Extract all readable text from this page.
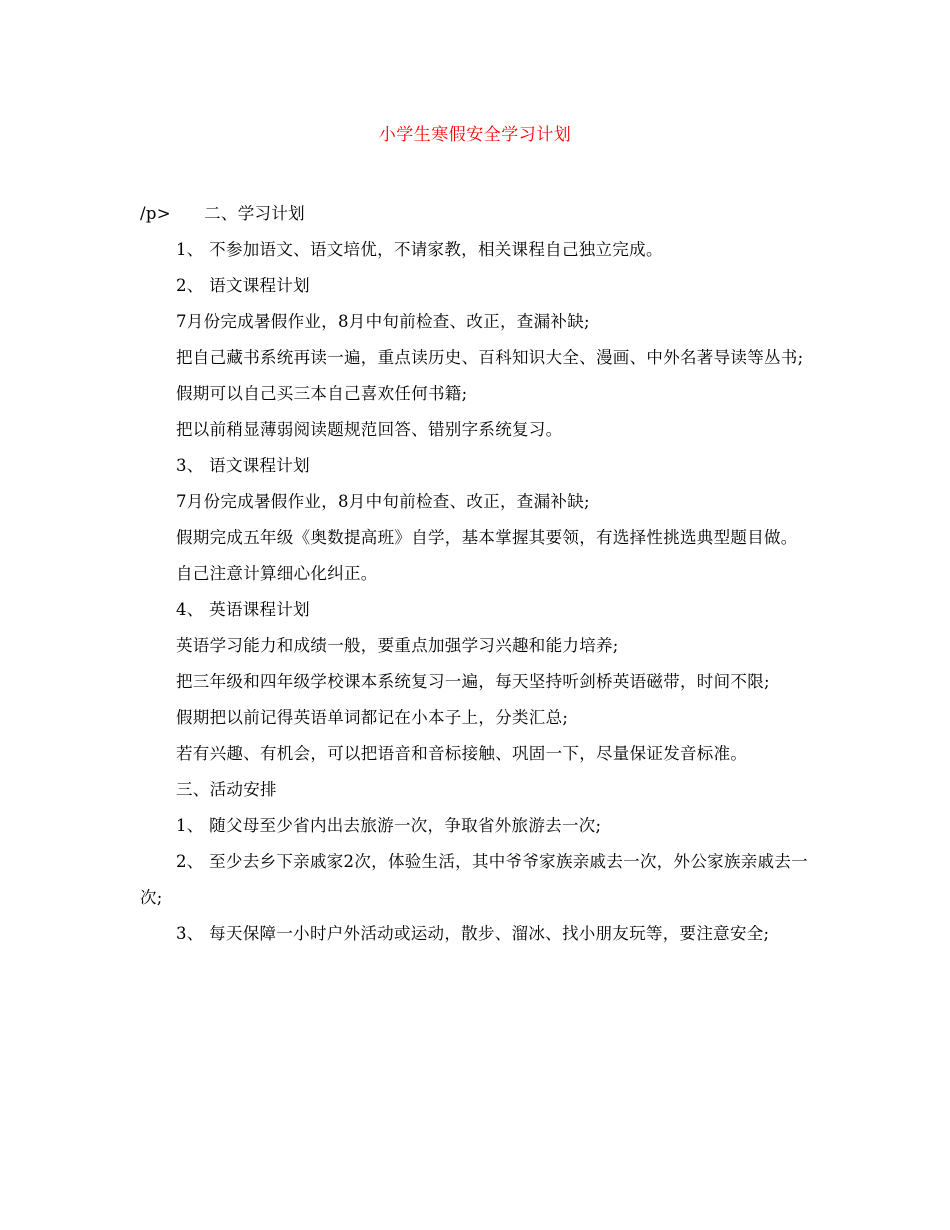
小学生寒假安全学习计划

/p>      二、学习计划

1、 不参加语文、语文培优，不请家教，相关课程自己独立完成。

2、 语文课程计划

7月份完成暑假作业，8月中旬前检查、改正，查漏补缺;

把自己藏书系统再读一遍，重点读历史、百科知识大全、漫画、中外名著导读等丛书;

假期可以自己买三本自己喜欢任何书籍;

把以前稍显薄弱阅读题规范回答、错别字系统复习。

3、 语文课程计划

7月份完成暑假作业，8月中旬前检查、改正，查漏补缺;

假期完成五年级《奥数提高班》自学，基本掌握其要领，有选择性挑选典型题目做。

自己注意计算细心化纠正。

4、 英语课程计划

英语学习能力和成绩一般，要重点加强学习兴趣和能力培养;

把三年级和四年级学校课本系统复习一遍，每天坚持听剑桥英语磁带，时间不限;

假期把以前记得英语单词都记在小本子上，分类汇总;

若有兴趣、有机会，可以把语音和音标接触、巩固一下，尽量保证发音标准。

三、活动安排

1、 随父母至少省内出去旅游一次，争取省外旅游去一次;

2、 至少去乡下亲戚家2次，体验生活，其中爷爷家族亲戚去一次，外公家族亲戚去一次;

3、 每天保障一小时户外活动或运动，散步、溜冰、找小朋友玩等，要注意安全;
